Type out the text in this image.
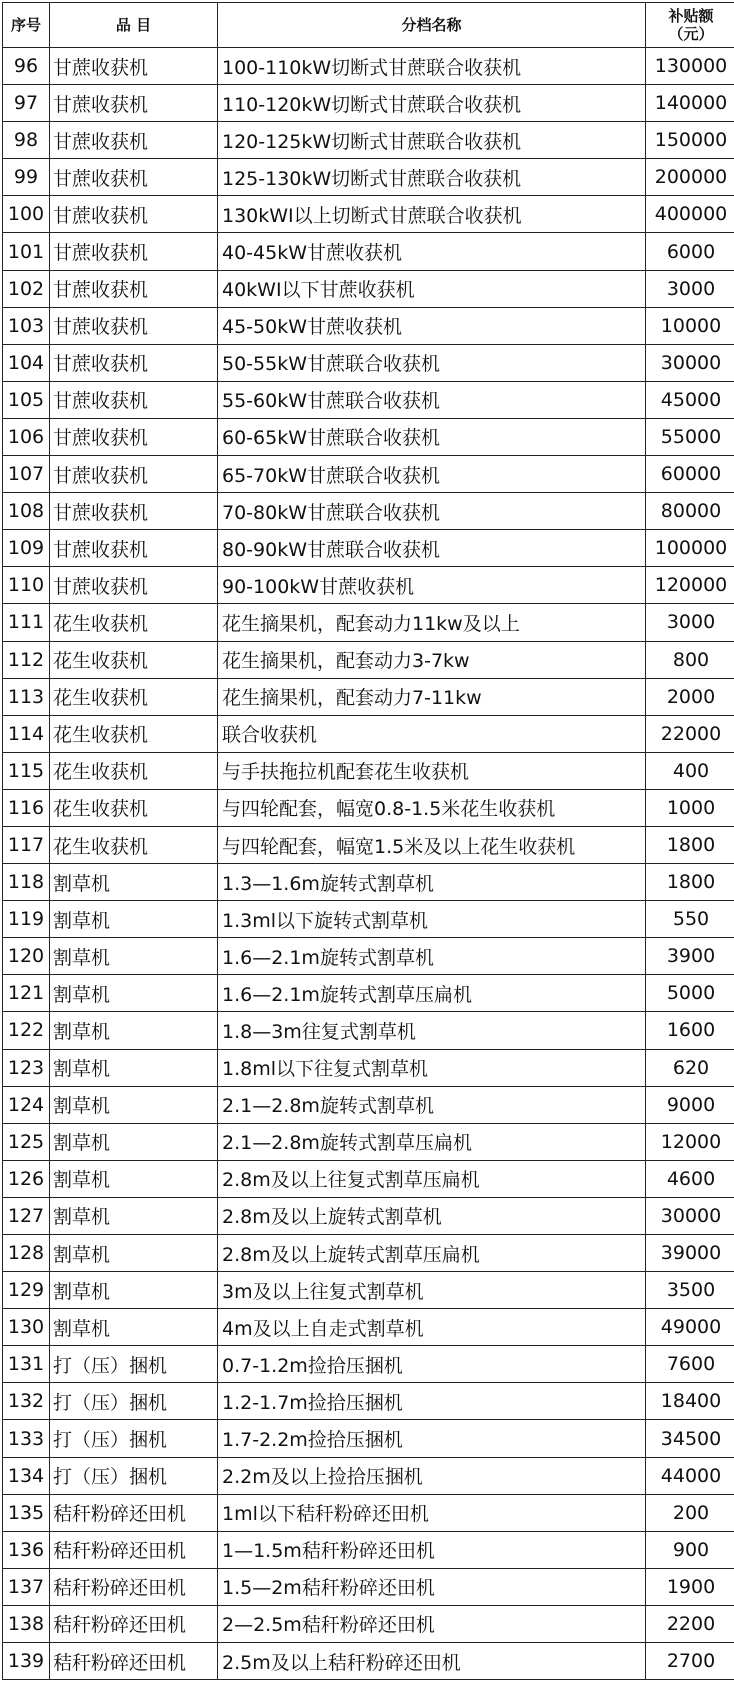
序号	品 目	分档名称	补贴额
（元）

96	甘蔗收获机	100-110kW切断式甘蔗联合收获机	130000
97	甘蔗收获机	110-120kW切断式甘蔗联合收获机	140000
98	甘蔗收获机	120-125kW切断式甘蔗联合收获机	150000
99	甘蔗收获机	125-130kW切断式甘蔗联合收获机	200000
100	甘蔗收获机	130kWI以上切断式甘蔗联合收获机	400000
101	甘蔗收获机	40-45kW甘蔗收获机	6000
102	甘蔗收获机	40kWI以下甘蔗收获机	3000
103	甘蔗收获机	45-50kW甘蔗收获机	10000
104	甘蔗收获机	50-55kW甘蔗联合收获机	30000
105	甘蔗收获机	55-60kW甘蔗联合收获机	45000
106	甘蔗收获机	60-65kW甘蔗联合收获机	55000
107	甘蔗收获机	65-70kW甘蔗联合收获机	60000
108	甘蔗收获机	70-80kW甘蔗联合收获机	80000
109	甘蔗收获机	80-90kW甘蔗联合收获机	100000
110	甘蔗收获机	90-100kW甘蔗收获机	120000
111	花生收获机	花生摘果机，配套动力11kw及以上	3000
112	花生收获机	花生摘果机，配套动力3-7kw	800
113	花生收获机	花生摘果机，配套动力7-11kw	2000
114	花生收获机	联合收获机	22000
115	花生收获机	与手扶拖拉机配套花生收获机	400
116	花生收获机	与四轮配套，幅宽0.8-1.5米花生收获机	1000
117	花生收获机	与四轮配套，幅宽1.5米及以上花生收获机	1800
118	割草机	1.3—1.6m旋转式割草机	1800
119	割草机	1.3ml以下旋转式割草机	550
120	割草机	1.6—2.1m旋转式割草机	3900
121	割草机	1.6—2.1m旋转式割草压扁机	5000
122	割草机	1.8—3m往复式割草机	1600
123	割草机	1.8ml以下往复式割草机	620
124	割草机	2.1—2.8m旋转式割草机	9000
125	割草机	2.1—2.8m旋转式割草压扁机	12000
126	割草机	2.8m及以上往复式割草压扁机	4600
127	割草机	2.8m及以上旋转式割草机	30000
128	割草机	2.8m及以上旋转式割草压扁机	39000
129	割草机	3m及以上往复式割草机	3500
130	割草机	4m及以上自走式割草机	49000
131	打（压）捆机	0.7-1.2m捡拾压捆机	7600
132	打（压）捆机	1.2-1.7m捡拾压捆机	18400
133	打（压）捆机	1.7-2.2m捡拾压捆机	34500
134	打（压）捆机	2.2m及以上捡拾压捆机	44000
135	秸秆粉碎还田机	1ml以下秸秆粉碎还田机	200
136	秸秆粉碎还田机	1—1.5m秸秆粉碎还田机	900
137	秸秆粉碎还田机	1.5—2m秸秆粉碎还田机	1900
138	秸秆粉碎还田机	2—2.5m秸秆粉碎还田机	2200
139	秸秆粉碎还田机	2.5m及以上秸秆粉碎还田机	2700
